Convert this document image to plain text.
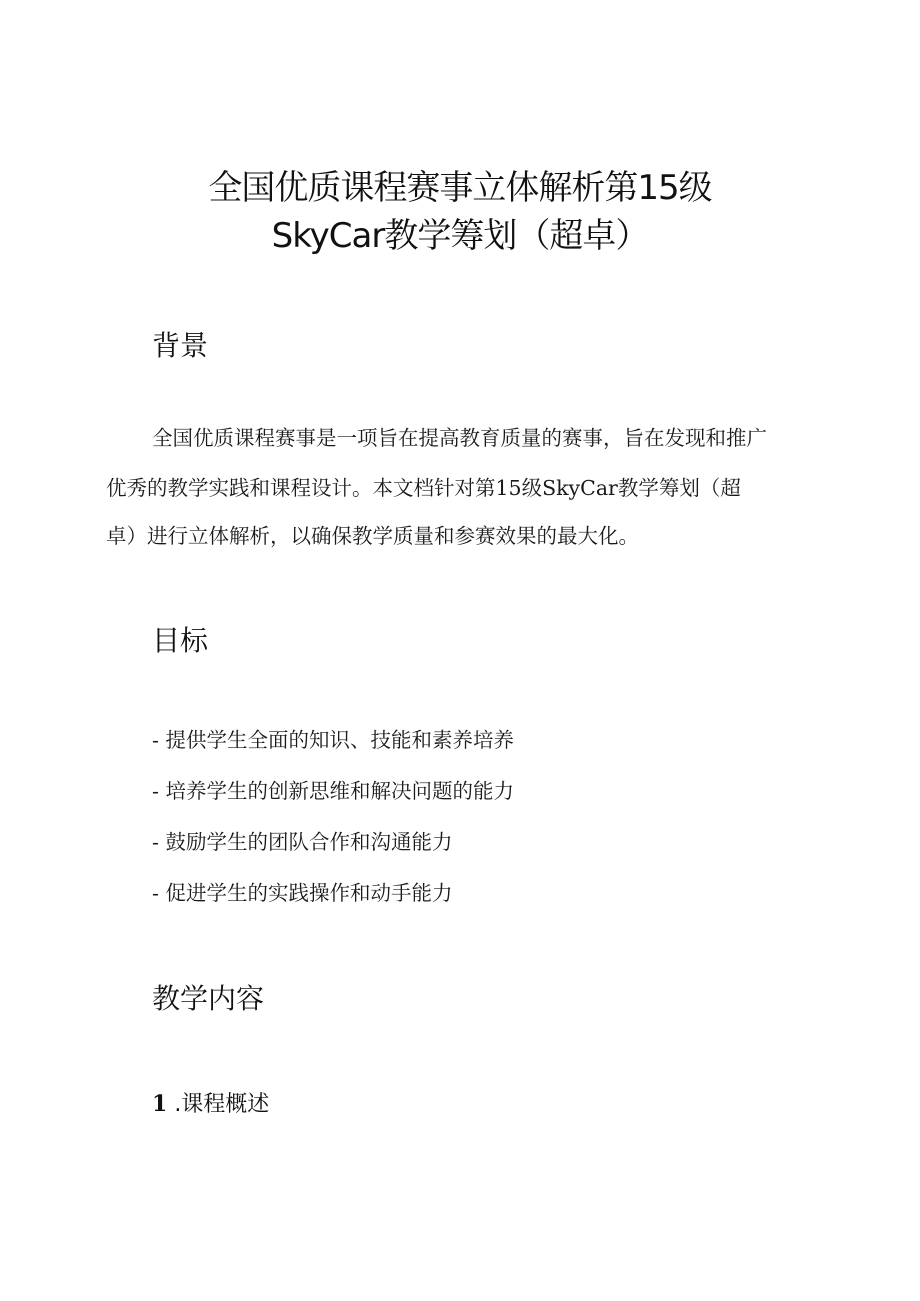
全国优质课程赛事立体解析第15级
SkyCar教学筹划（超卓）
背景
全国优质课程赛事是一项旨在提高教育质量的赛事，旨在发现和推广
优秀的教学实践和课程设计。本文档针对第15级SkyCar教学筹划（超
卓）进行立体解析，以确保教学质量和参赛效果的最大化。
目标
- 提供学生全面的知识、技能和素养培养
- 培养学生的创新思维和解决问题的能力
- 鼓励学生的团队合作和沟通能力
- 促进学生的实践操作和动手能力
教学内容
1 .课程概述
